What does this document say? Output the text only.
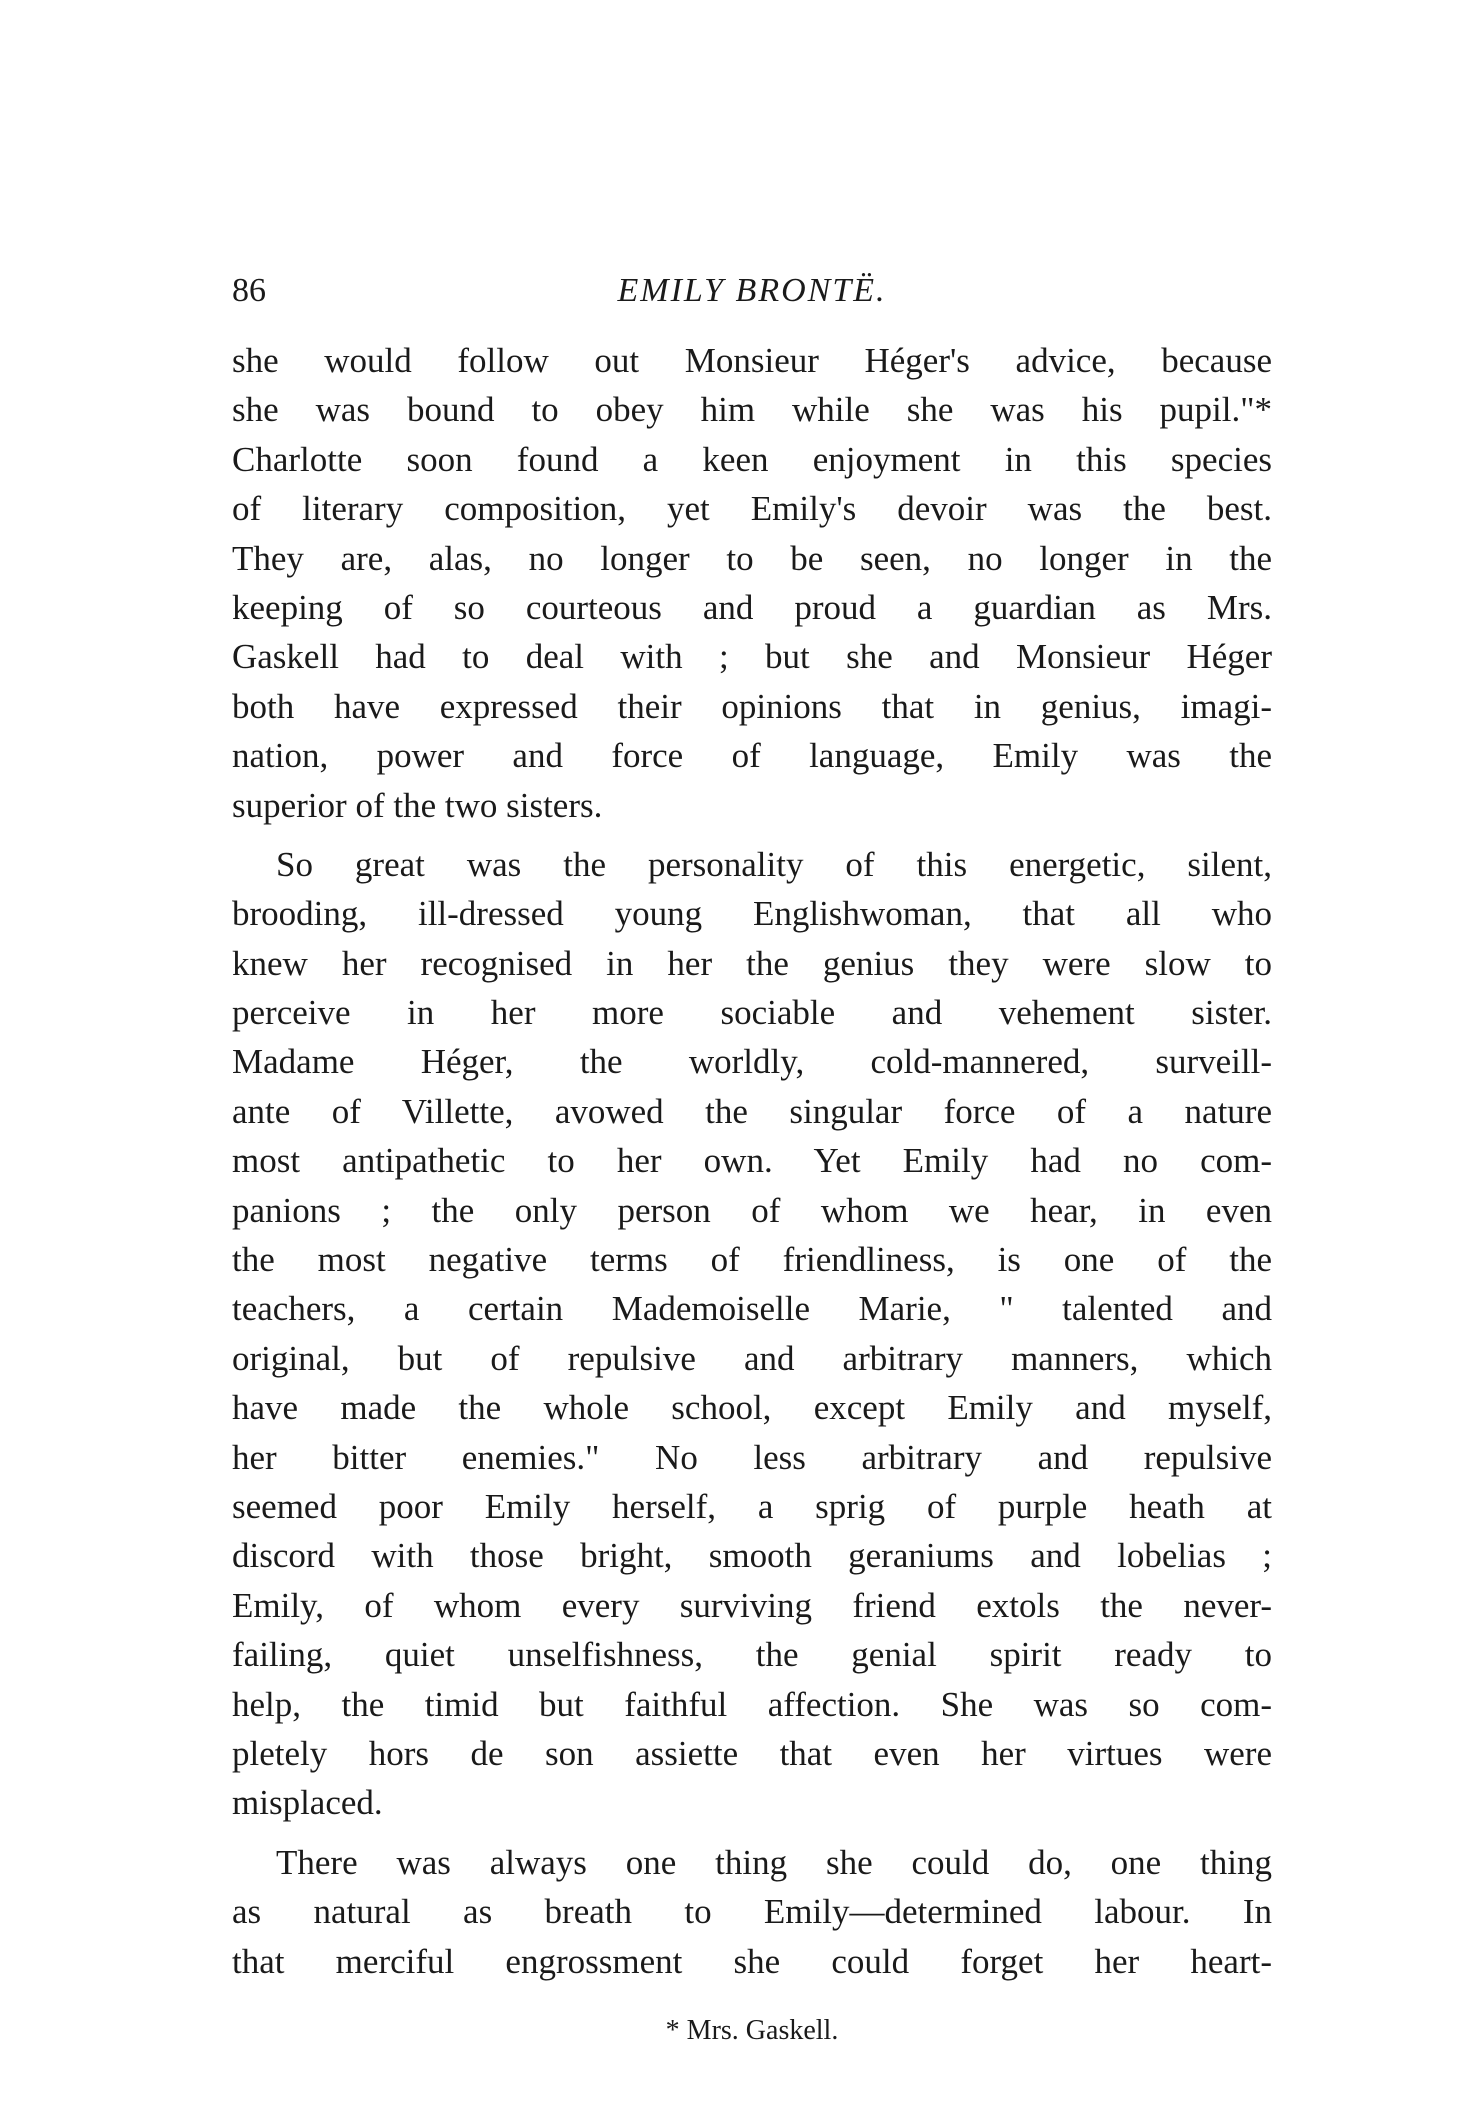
86	EMILY BRONTË.
she would follow out Monsieur Héger's advice, because
she was bound to obey him while she was his pupil."*
Charlotte soon found a keen enjoyment in this species
of literary composition, yet Emily's devoir was the best.
They are, alas, no longer to be seen, no longer in the
keeping of so courteous and proud a guardian as Mrs.
Gaskell had to deal with ; but she and Monsieur Héger
both have expressed their opinions that in genius, imagi-
nation, power and force of language, Emily was the
superior of the two sisters.
So great was the personality of this energetic, silent,
brooding, ill-dressed young Englishwoman, that all who
knew her recognised in her the genius they were slow to
perceive in her more sociable and vehement sister.
Madame Héger, the worldly, cold-mannered, surveill-
ante of Villette, avowed the singular force of a nature
most antipathetic to her own. Yet Emily had no com-
panions ; the only person of whom we hear, in even
the most negative terms of friendliness, is one of the
teachers, a certain Mademoiselle Marie, " talented and
original, but of repulsive and arbitrary manners, which
have made the whole school, except Emily and myself,
her bitter enemies." No less arbitrary and repulsive
seemed poor Emily herself, a sprig of purple heath at
discord with those bright, smooth geraniums and lobelias ;
Emily, of whom every surviving friend extols the never-
failing, quiet unselfishness, the genial spirit ready to
help, the timid but faithful affection. She was so com-
pletely hors de son assiette that even her virtues were
misplaced.
There was always one thing she could do, one thing
as natural as breath to Emily—determined labour. In
that merciful engrossment she could forget her heart-
* Mrs. Gaskell.
